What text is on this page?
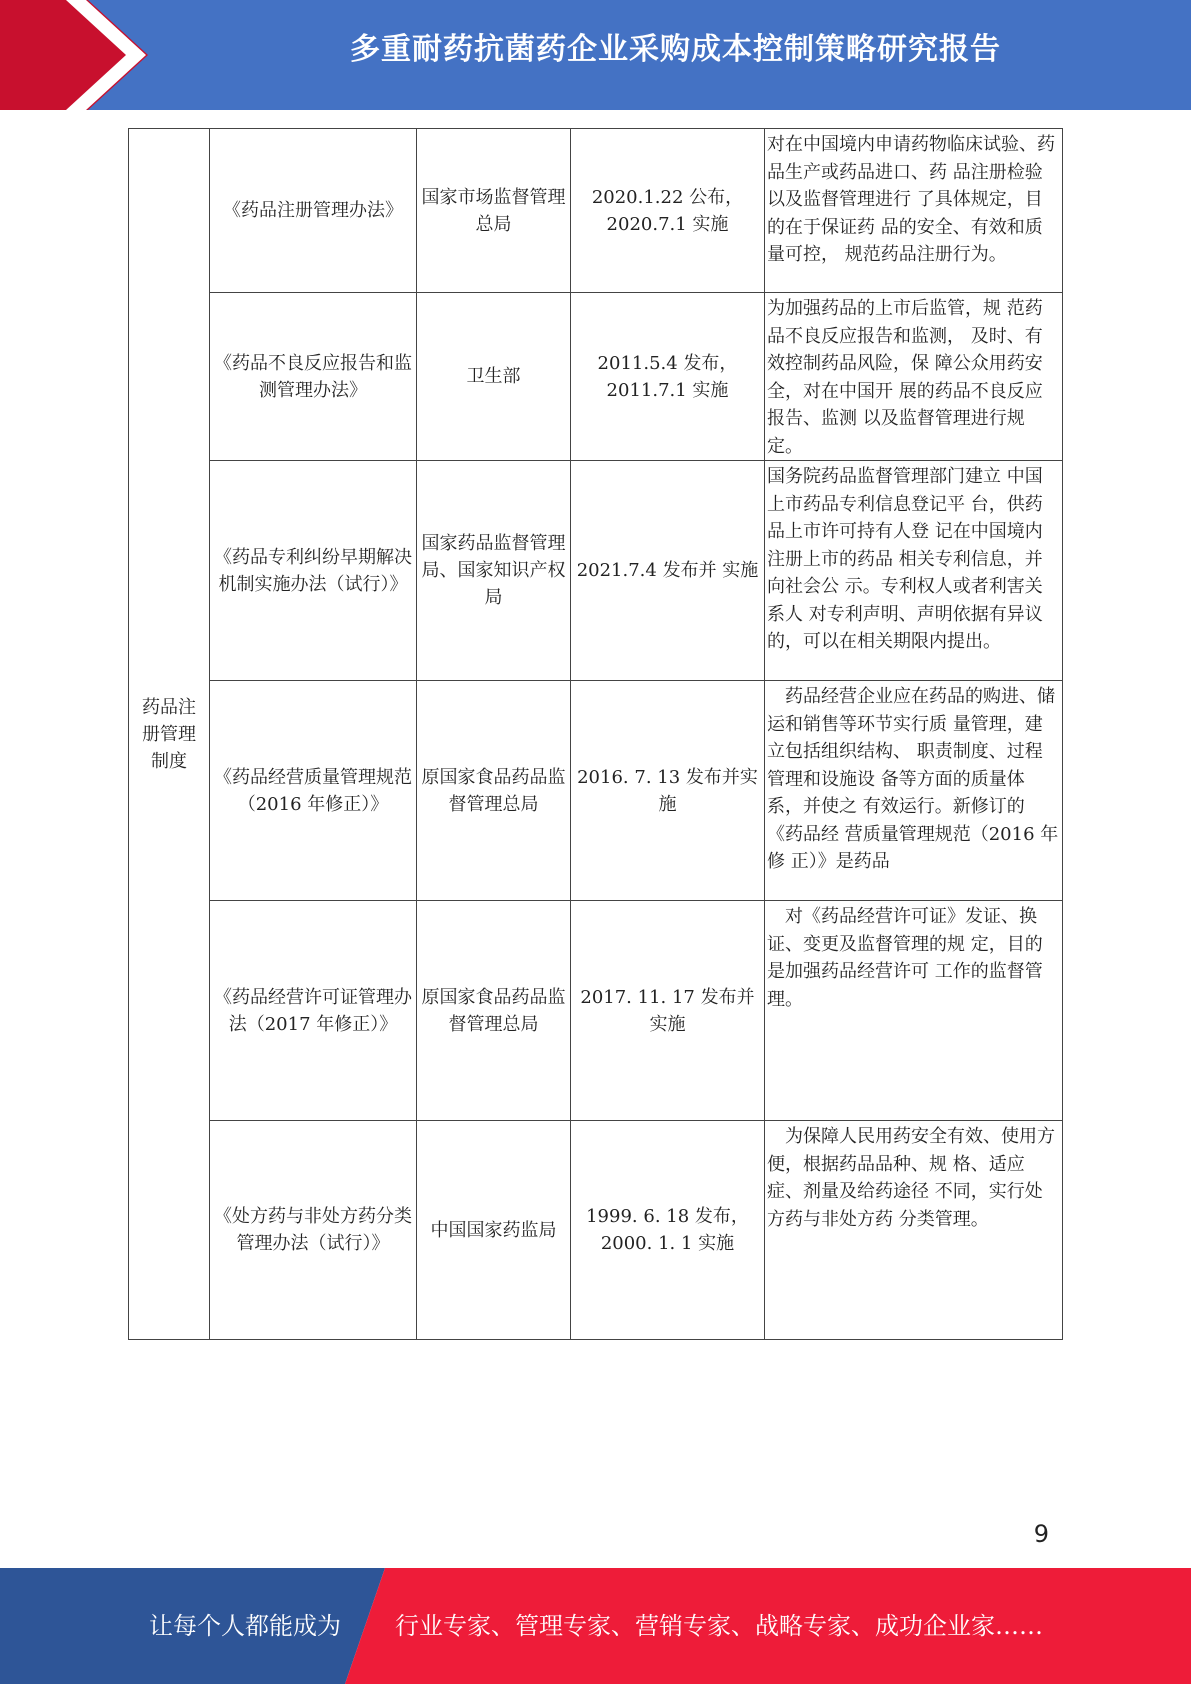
多重耐药抗菌药企业采购成本控制策略研究报告
药品注册管理制度	《药品注册管理办法》	国家市场监督管理总局	2020.1.22 公布，2020.7.1 实施	对在中国境内申请药物临床试验、药品生产或药品进口、药 品注册检验以及监督管理进行 了具体规定，目的在于保证药 品的安全、有效和质量可控， 规范药品注册行为。
	《药品不良反应报告和监测管理办法》	卫生部	2011.5.4 发布，2011.7.1 实施	为加强药品的上市后监管，规 范药品不良反应报告和监测， 及时、有效控制药品风险，保 障公众用药安全，对在中国开 展的药品不良反应报告、监测 以及监督管理进行规定。
	《药品专利纠纷早期解决机制实施办法（试行）》	国家药品监督管理局、国家知识产权局	2021.7.4 发布并 实施	国务院药品监督管理部门建立 中国上市药品专利信息登记平 台，供药品上市许可持有人登 记在中国境内注册上市的药品 相关专利信息，并向社会公 示。专利权人或者利害关系人 对专利声明、声明依据有异议 的，可以在相关期限内提出。
	《药品经营质量管理规范（2016 年修正）》	原国家食品药品监督管理总局	2016. 7. 13 发布并实施	　药品经营企业应在药品的购进、储运和销售等环节实行质 量管理，建立包括组织结构、 职责制度、过程管理和设施设 备等方面的质量体系，并使之 有效运行。新修订的《药品经 营质量管理规范（2016 年修 正）》是药品
	《药品经营许可证管理办法（2017 年修正）》	原国家食品药品监督管理总局	2017. 11. 17 发布并实施	　对《药品经营许可证》发证、换证、变更及监督管理的规 定，目的是加强药品经营许可 工作的监督管理。
	《处方药与非处方药分类管理办法（试行）》	中国国家药监局	1999. 6. 18 发布，2000. 1. 1 实施	　为保障人民用药安全有效、使用方便，根据药品品种、规 格、适应症、剂量及给药途径 不同，实行处方药与非处方药 分类管理。
9
让每个人都能成为	行业专家、管理专家、营销专家、战略专家、成功企业家……
